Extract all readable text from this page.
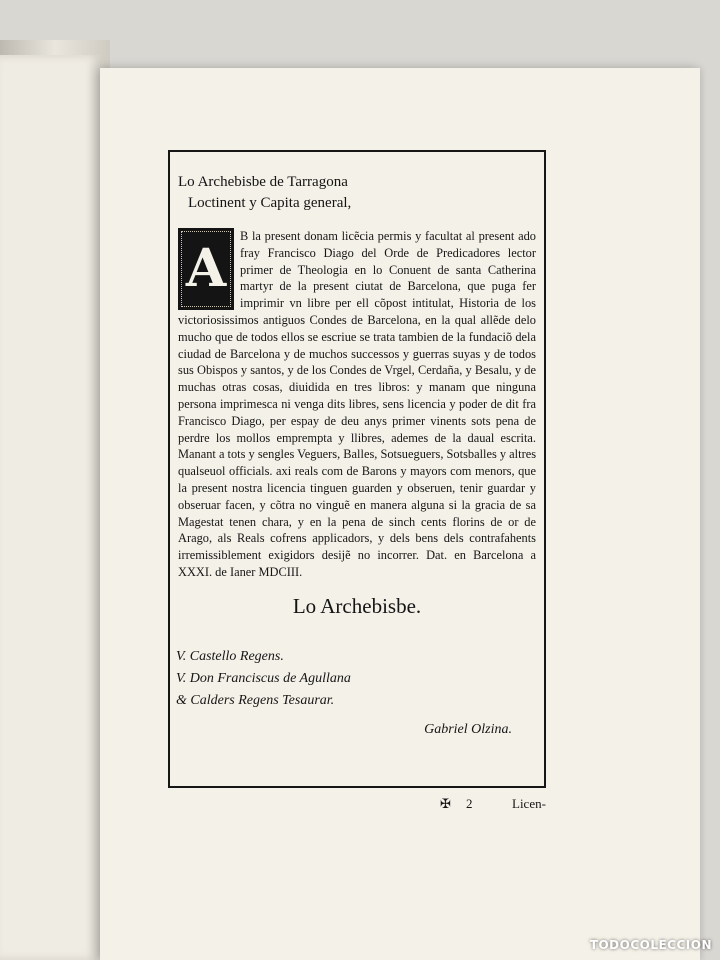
Lo Archebisbe de Tarragona
Loctinent y Capita general,
A
B la present donam licẽcia permis y facultat al present ado fray Francisco Diago del Orde de Predicadores lector primer de Theologia en lo Conuent de santa Catherina martyr de la present ciutat de Barcelona, que puga fer imprimir vn libre per ell cõpost intitulat, Historia de los victoriosissimos antiguos Condes de Barcelona, en la qual allẽde delo mucho que de todos ellos se escriue se trata tambien de la fundaciõ dela ciudad de Barcelona y de muchos successos y guerras suyas y de todos sus Obispos y santos, y de los Condes de Vrgel, Cerdaña, y Besalu, y de muchas otras cosas, diuidida en tres libros: y manam que ninguna persona imprimesca ni venga dits libres, sens licencia y poder de dit fra Francisco Diago, per espay de deu anys primer vinents sots pena de perdre los mollos emprempta y llibres, ademes de la daual escrita. Manant a tots y sengles Veguers, Balles, Sotsueguers, Sotsballes y altres qualseuol officials. axi reals com de Barons y mayors com menors, que la present nostra licencia tinguen guarden y obseruen, tenir guardar y obseruar facen, y cõtra no vinguẽ en manera alguna si la gracia de sa Magestat tenen chara, y en la pena de sinch cents florins de or de Arago, als Reals cofrens applicadors, y dels bens dels contrafahents irremissiblement exigidors desijẽ no incorrer. Dat. en Barcelona a XXXI. de Ianer MDCIII.
Lo Archebisbe.
V. Castello Regens.
V. Don Franciscus de Agullana
& Calders Regens Tesaurar.
Gabriel Olzina.
✠ 2	Licen-
TODOCOLECCION
